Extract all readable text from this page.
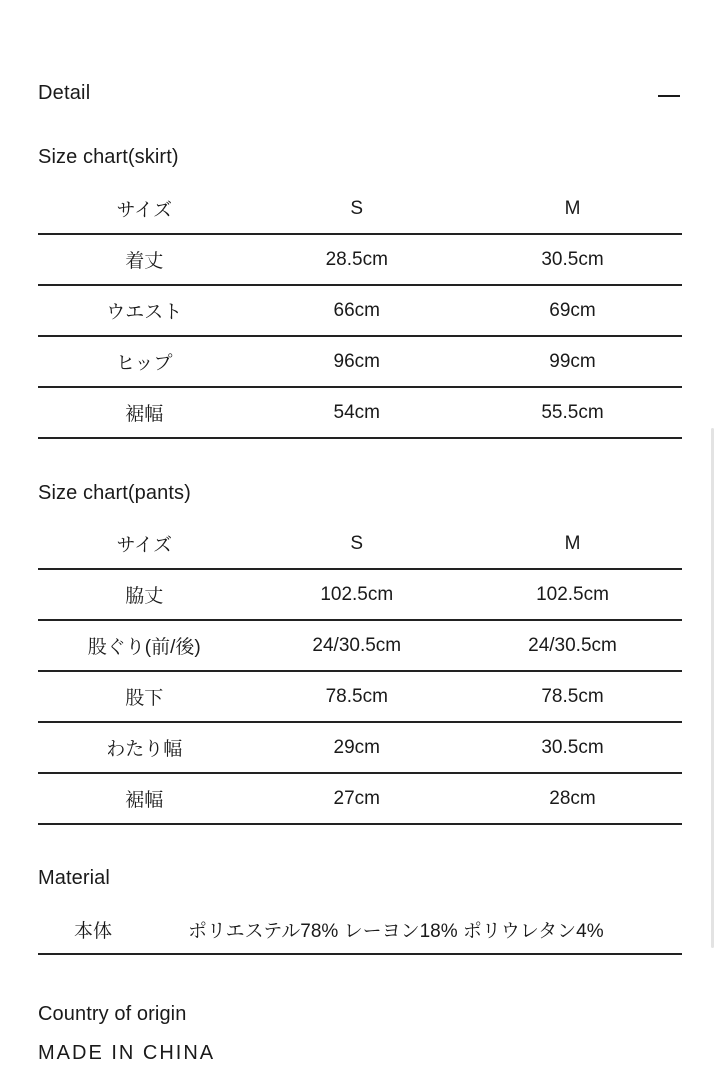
Detail
Size chart(skirt)
サイズ	S	M
着丈	28.5cm	30.5cm
ウエスト	66cm	69cm
ヒップ	96cm	99cm
裾幅	54cm	55.5cm
Size chart(pants)
サイズ	S	M
脇丈	102.5cm	102.5cm
股ぐり(前/後)	24/30.5cm	24/30.5cm
股下	78.5cm	78.5cm
わたり幅	29cm	30.5cm
裾幅	27cm	28cm
Material
本体	ポリエステル78% レーヨン18% ポリウレタン4%
Country of origin
MADE IN CHINA
